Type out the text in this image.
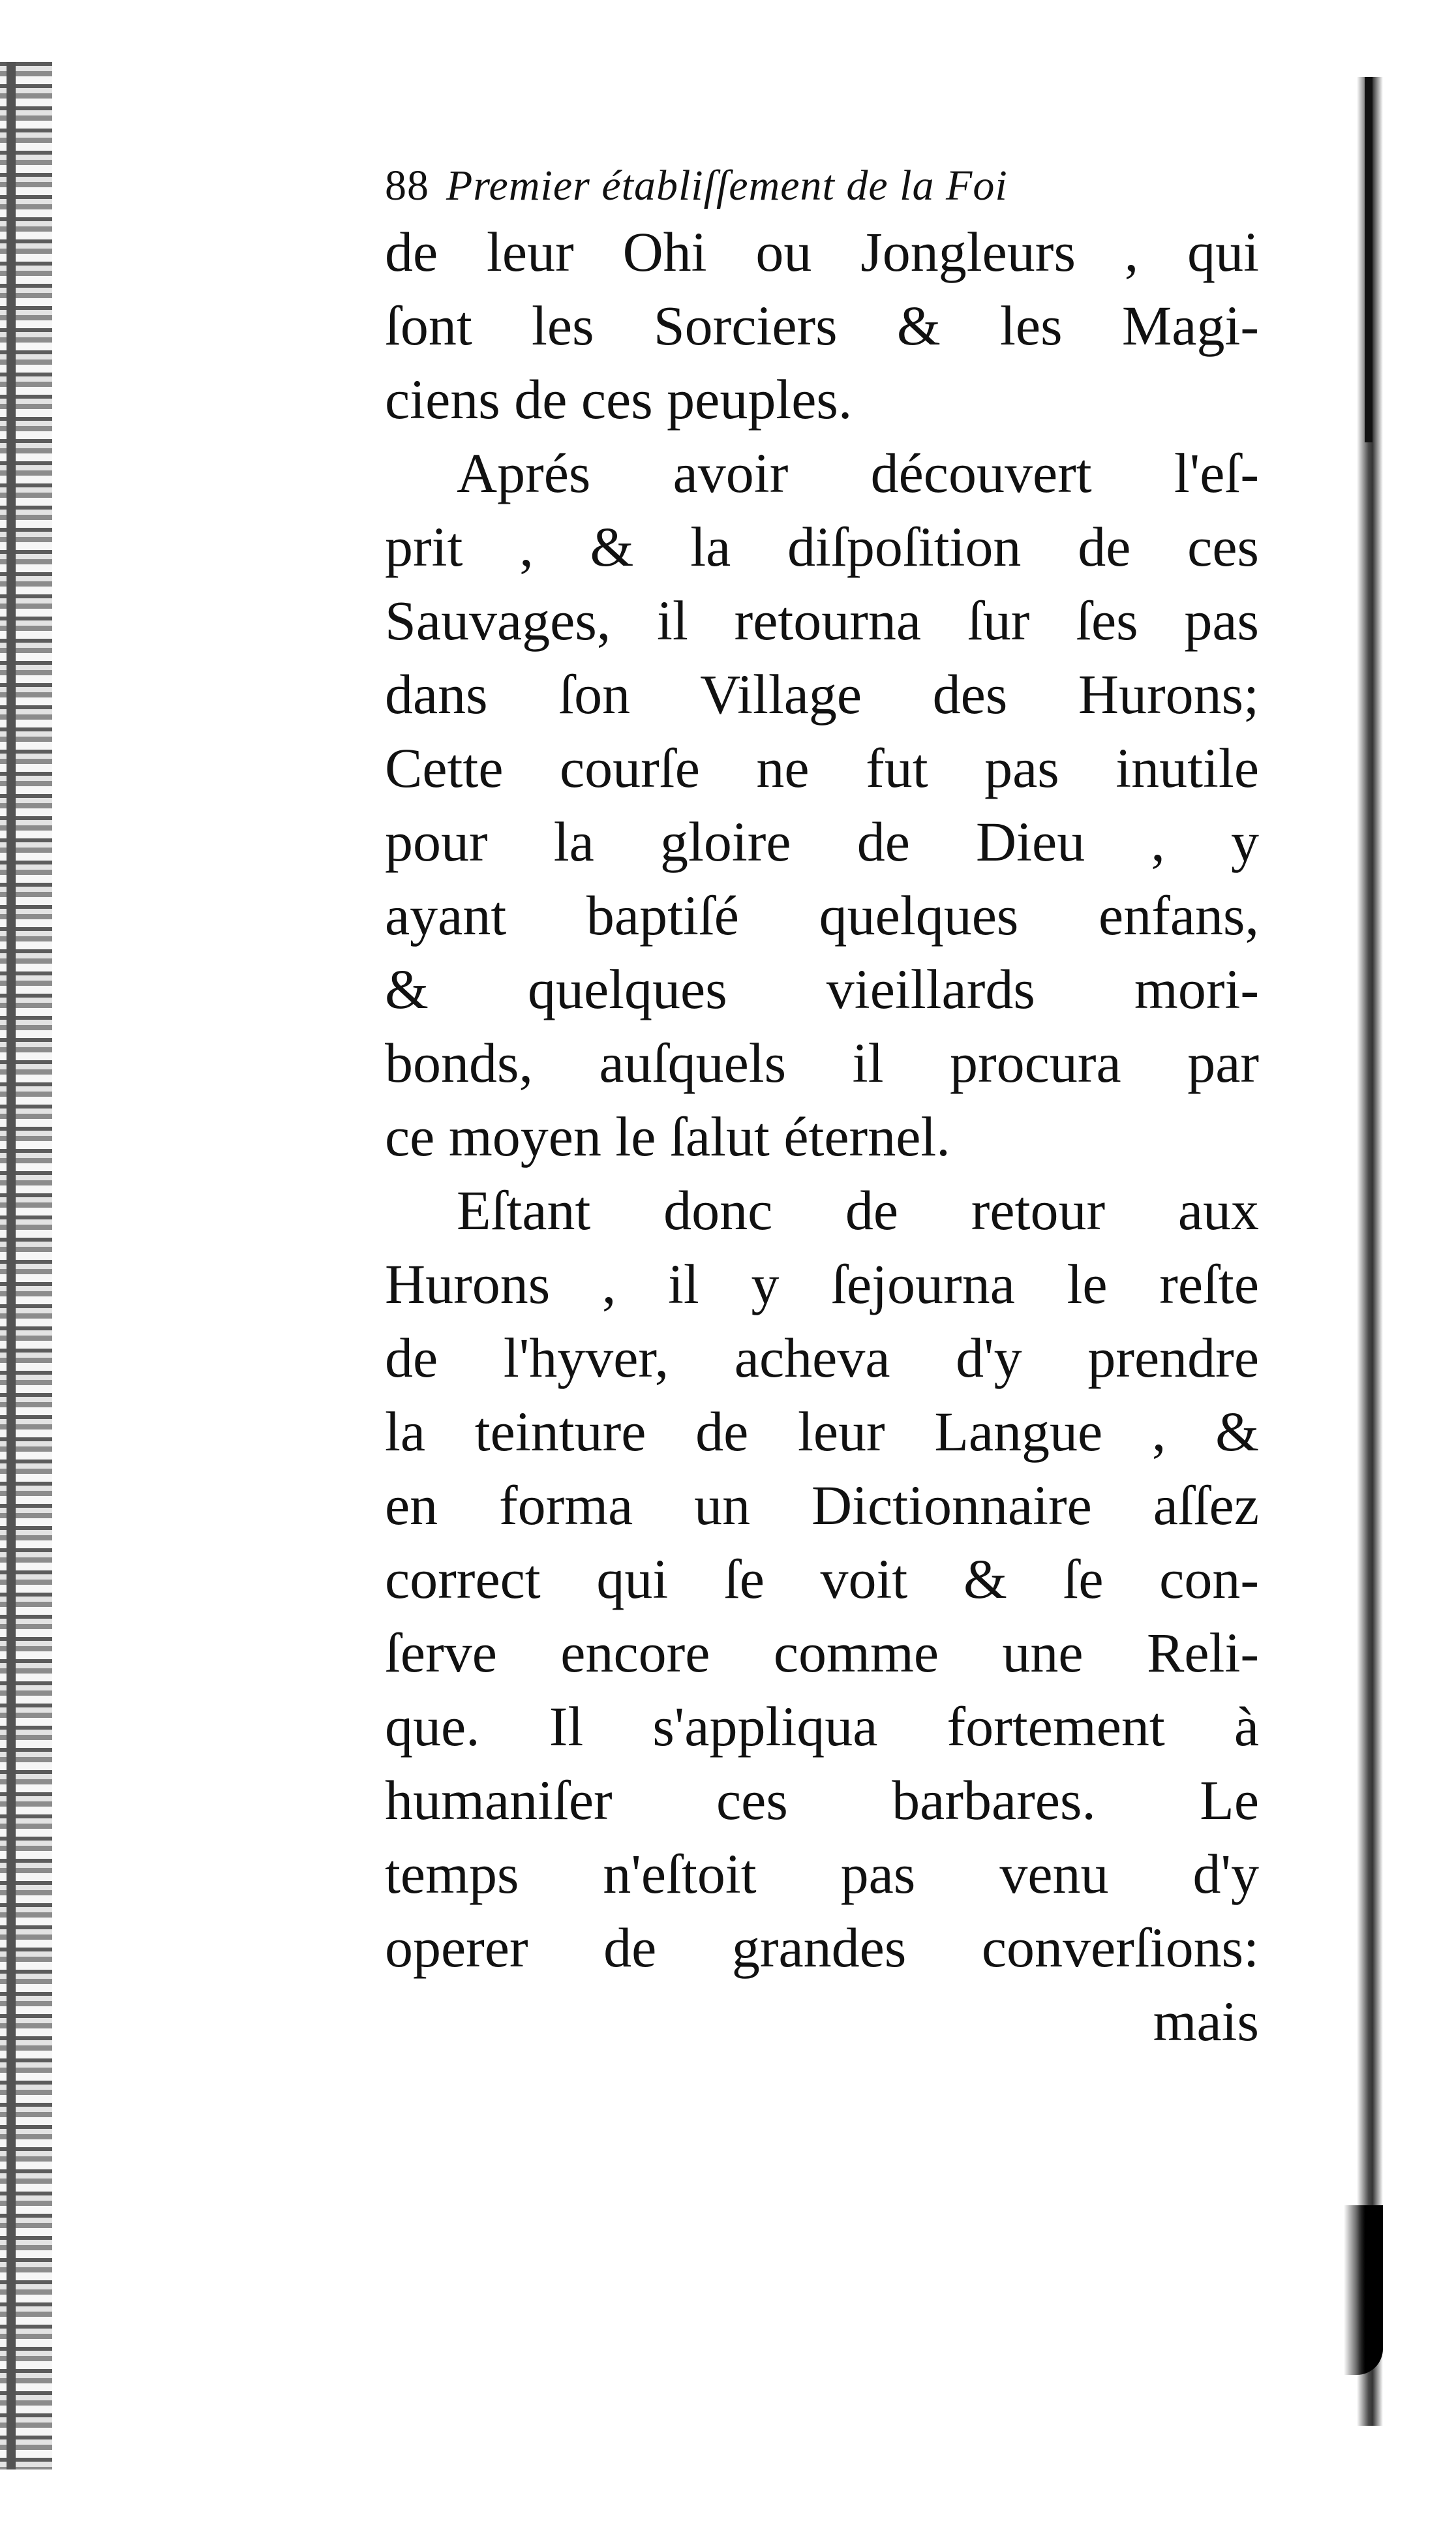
88 Premier établiſſement de la Foi
de leur Ohi ou Jongleurs , qui
ſont les Sorciers & les Magi-
ciens de ces peuples.
Aprés avoir découvert l'eſ-
prit , & la diſpoſition de ces
Sauvages, il retourna ſur ſes pas
dans ſon Village des Hurons;
Cette courſe ne fut pas inutile
pour la gloire de Dieu , y
ayant baptiſé quelques enfans,
& quelques vieillards mori-
bonds, auſquels il procura par
ce moyen le ſalut éternel.
Eſtant donc de retour aux
Hurons , il y ſejourna le reſte
de l'hyver, acheva d'y prendre
la teinture de leur Langue , &
en forma un Dictionnaire aſſez
correct qui ſe voit & ſe con-
ſerve encore comme une Reli-
que. Il s'appliqua fortement à
humaniſer ces barbares. Le
temps n'eſtoit pas venu d'y
operer de grandes converſions:
mais
